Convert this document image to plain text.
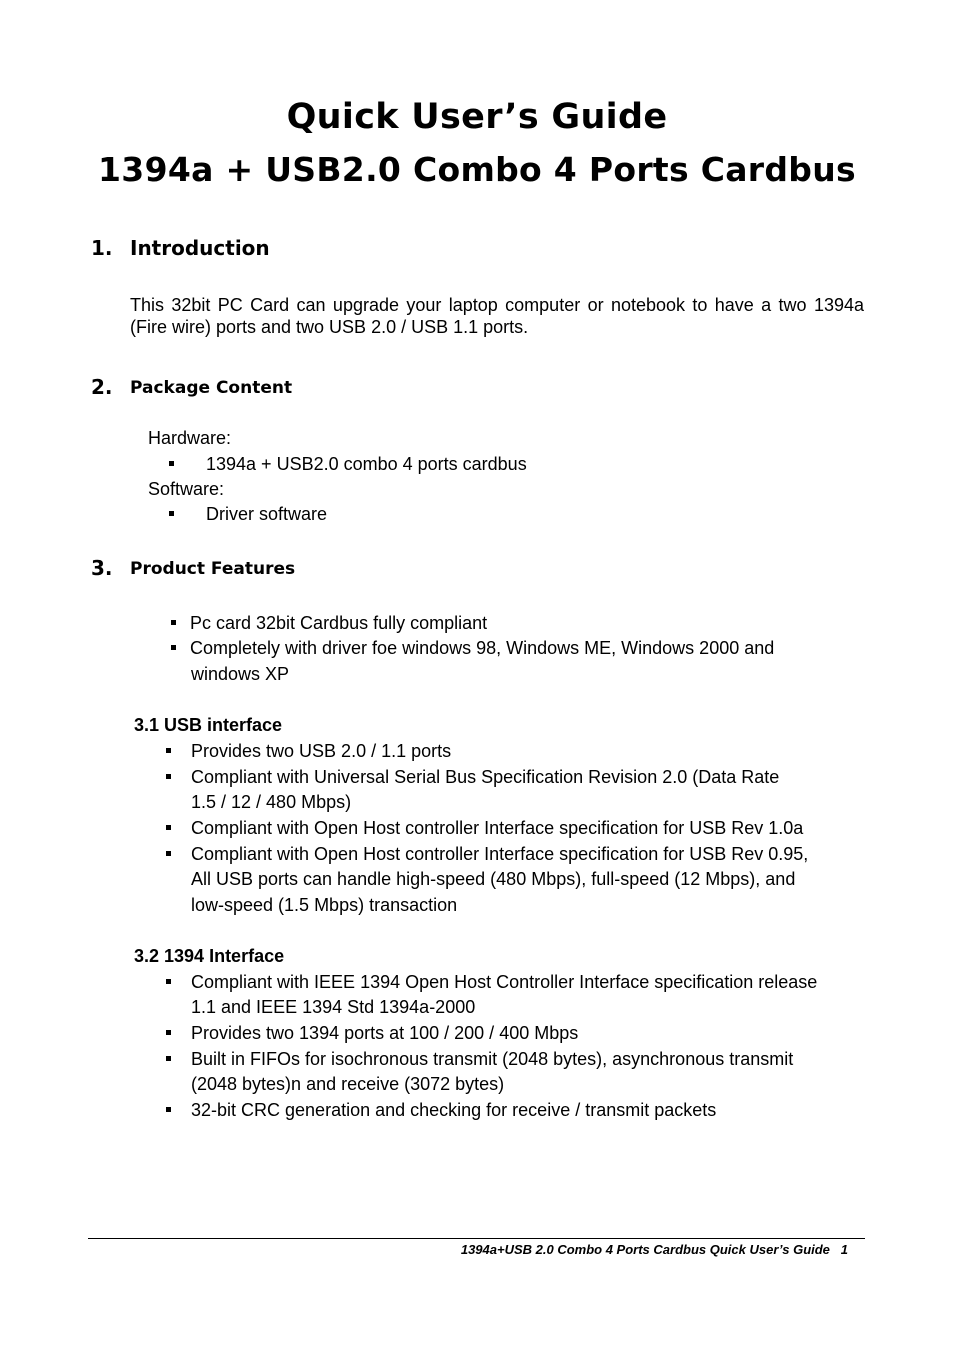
Quick User’s Guide
1394a + USB2.0 Combo 4 Ports Cardbus
1. Introduction
This 32bit PC Card can upgrade your laptop computer or notebook to have a two 1394a (Fire wire) ports and two USB 2.0 / USB 1.1 ports.
2. Package Content
Hardware:
1394a + USB2.0 combo 4 ports cardbus
Software:
Driver software
3. Product Features
Pc card 32bit Cardbus fully compliant
Completely with driver foe windows 98, Windows ME, Windows 2000 and
windows XP
3.1 USB interface
Provides two USB 2.0 / 1.1 ports
Compliant with Universal Serial Bus Specification Revision 2.0 (Data Rate
1.5 / 12 / 480 Mbps)
Compliant with Open Host controller Interface specification for USB Rev 1.0a
Compliant with Open Host controller Interface specification for USB Rev 0.95,
All USB ports can handle high-speed (480 Mbps), full-speed (12 Mbps), and
low-speed (1.5 Mbps) transaction
3.2 1394 Interface
Compliant with IEEE 1394 Open Host Controller Interface specification release
1.1 and IEEE 1394 Std 1394a-2000
Provides two 1394 ports at 100 / 200 / 400 Mbps
Built in FIFOs for isochronous transmit (2048 bytes), asynchronous transmit
(2048 bytes)n and receive (3072 bytes)
32-bit CRC generation and checking for receive / transmit packets
1394a+USB 2.0 Combo 4 Ports Cardbus Quick User’s Guide 1
